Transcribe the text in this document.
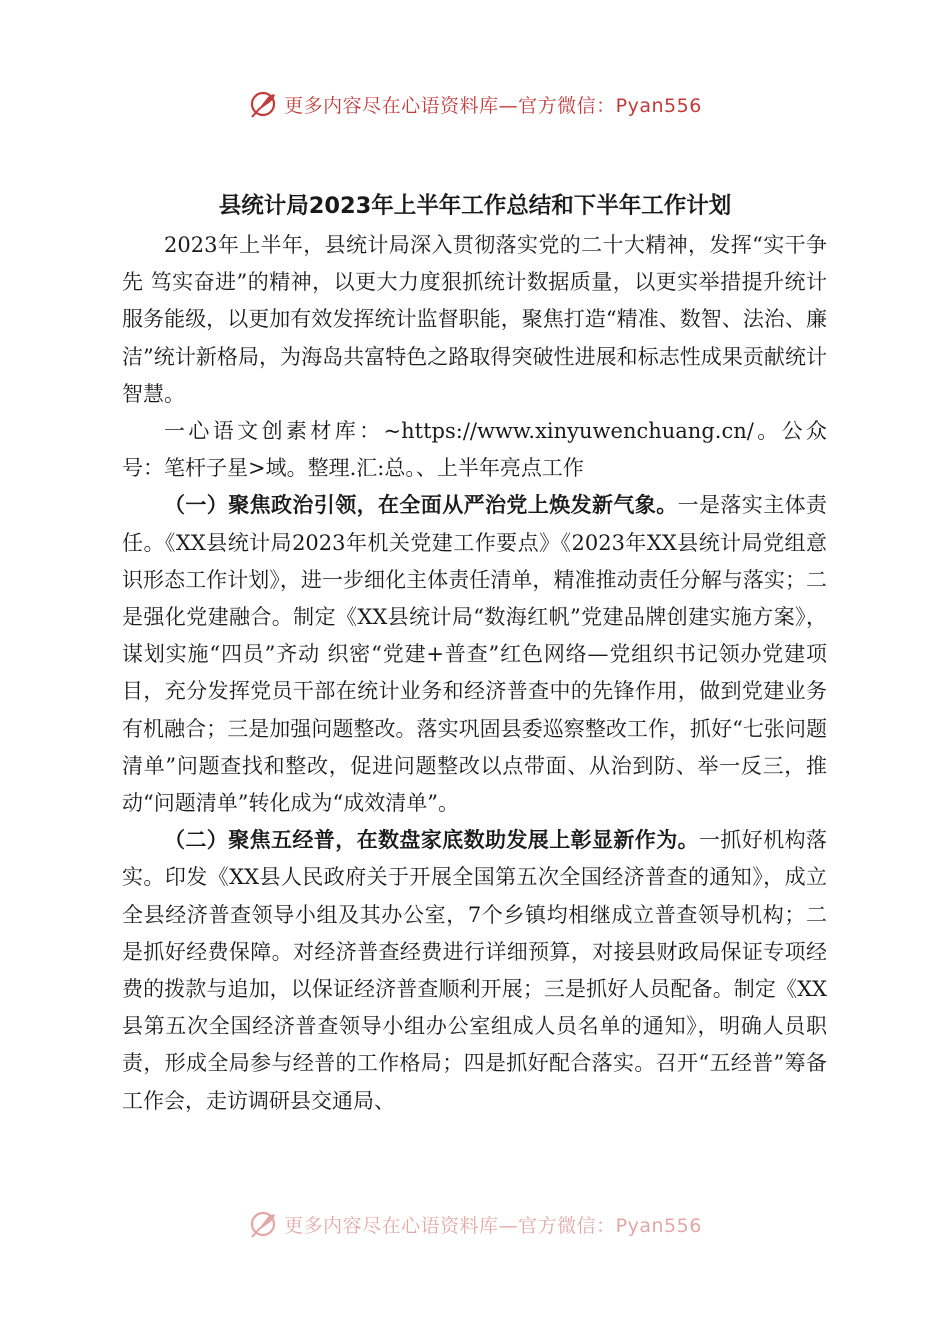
更多内容尽在心语资料库—官方微信：Pyan556
县统计局2023年上半年工作总结和下半年工作计划

2023年上半年，县统计局深入贯彻落实党的二十大精神，发挥“实干争先 笃实奋进”的精神，以更大力度狠抓统计数据质量，以更实举措提升统计服务能级，以更加有效发挥统计监督职能，聚焦打造“精准、数智、法治、廉洁”统计新格局，为海岛共富特色之路取得突破性进展和标志性成果贡献统计智慧。

一心语文创素材库：~https://www.xinyuwenchuang.cn/。公众号：笔杆子星>域。整理.汇:总。、上半年亮点工作

（一）聚焦政治引领，在全面从严治党上焕发新气象。一是落实主体责任。《XX县统计局2023年机关党建工作要点》《2023年XX县统计局党组意识形态工作计划》，进一步细化主体责任清单，精准推动责任分解与落实；二是强化党建融合。制定《XX县统计局“数海红帆”党建品牌创建实施方案》，谋划实施“四员”齐动 织密“党建+普查”红色网络—党组织书记领办党建项目，充分发挥党员干部在统计业务和经济普查中的先锋作用，做到党建业务有机融合；三是加强问题整改。落实巩固县委巡察整改工作，抓好“七张问题清单”问题查找和整改，促进问题整改以点带面、从治到防、举一反三，推动“问题清单”转化成为“成效清单”。

（二）聚焦五经普，在数盘家底数助发展上彰显新作为。一抓好机构落实。印发《XX县人民政府关于开展全国第五次全国经济普查的通知》，成立全县经济普查领导小组及其办公室，7个乡镇均相继成立普查领导机构；二是抓好经费保障。对经济普查经费进行详细预算，对接县财政局保证专项经费的拨款与追加，以保证经济普查顺利开展；三是抓好人员配备。制定《XX县第五次全国经济普查领导小组办公室组成人员名单的通知》，明确人员职责，形成全局参与经普的工作格局；四是抓好配合落实。召开“五经普”筹备工作会，走访调研县交通局、

更多内容尽在心语资料库—官方微信：Pyan556
